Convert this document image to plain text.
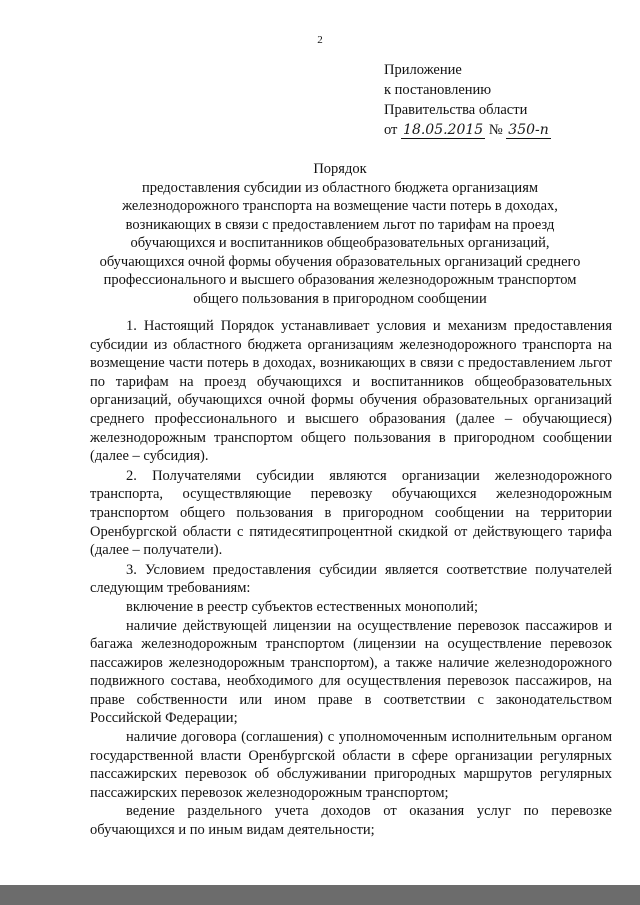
2
Приложение
к постановлению
Правительства области
от 18.05.2015 № 350-п
Порядок
предоставления субсидии из областного бюджета организациям
железнодорожного транспорта на возмещение части потерь в доходах,
возникающих в связи с предоставлением льгот по тарифам на проезд
обучающихся и воспитанников общеобразовательных организаций,
обучающихся очной формы обучения образовательных организаций среднего
профессионального и высшего образования железнодорожным транспортом
общего пользования в пригородном сообщении

1. Настоящий Порядок устанавливает условия и механизм предоставления субсидии из областного бюджета организациям железнодорожного транспорта на возмещение части потерь в доходах, возникающих в связи с предоставлением льгот по тарифам на проезд обучающихся и воспитанников общеобразовательных организаций, обучающихся очной формы обучения образовательных организаций среднего профессионального и высшего образования (далее – обучающиеся) железнодорожным транспортом общего пользования в пригородном сообщении (далее – субсидия).

2. Получателями субсидии являются организации железнодорожного транспорта, осуществляющие перевозку обучающихся железнодорожным транспортом общего пользования в пригородном сообщении на территории Оренбургской области с пятидесятипроцентной скидкой от действующего тарифа (далее – получатели).

3. Условием предоставления субсидии является соответствие получателей следующим требованиям:

включение в реестр субъектов естественных монополий;

наличие действующей лицензии на осуществление перевозок пассажиров и багажа железнодорожным транспортом (лицензии на осуществление перевозок пассажиров железнодорожным транспортом), а также наличие железнодорожного подвижного состава, необходимого для осуществления перевозок пассажиров, на праве собственности или ином праве в соответствии с законодательством Российской Федерации;

наличие договора (соглашения) с уполномоченным исполнительным органом государственной власти Оренбургской области в сфере организации регулярных пассажирских перевозок об обслуживании пригородных маршрутов регулярных пассажирских перевозок железнодорожным транспортом;

ведение раздельного учета доходов от оказания услуг по перевозке обучающихся и по иным видам деятельности;
